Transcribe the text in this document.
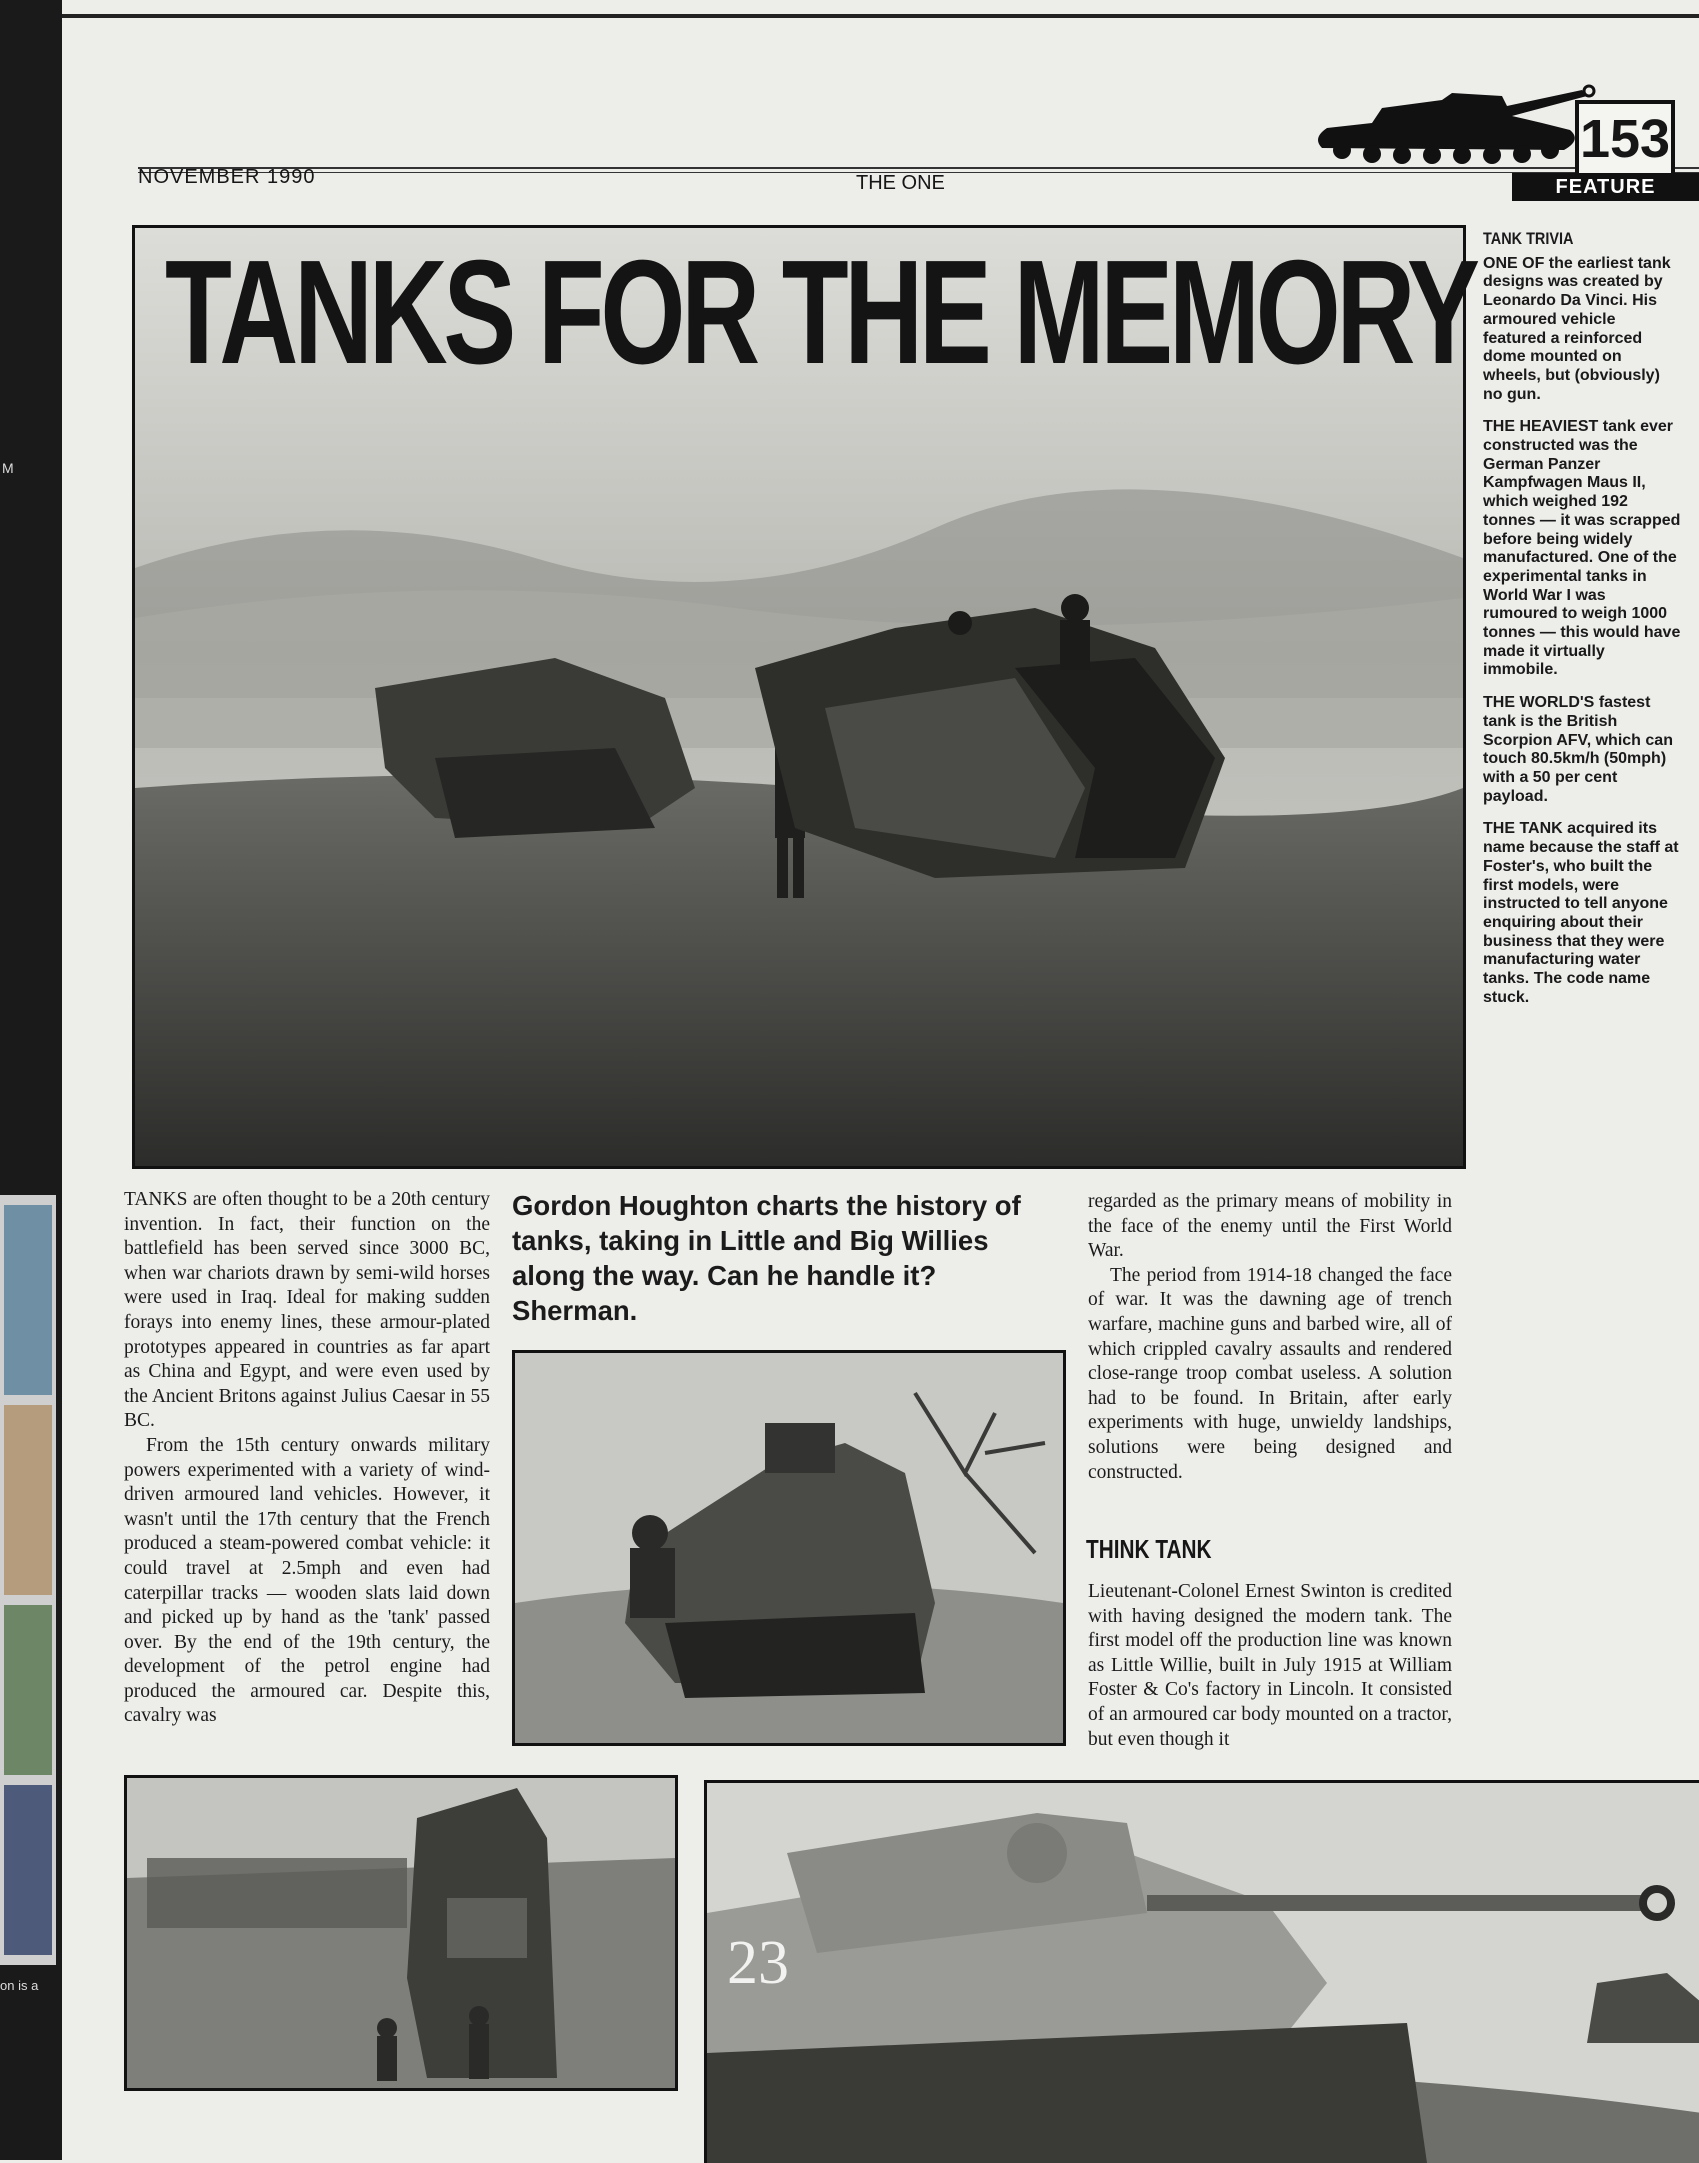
M
on is a
NOVEMBER 1990	THE ONE
153
FEATURE
TANKS FOR THE MEMORY TANK TRIVIA

ONE OF the earliest tank designs was created by Leonardo Da Vinci. His armoured vehicle featured a reinforced dome mounted on wheels, but (obviously) no gun.

THE HEAVIEST tank ever constructed was the German Panzer Kampfwagen Maus II, which weighed 192 tonnes — it was scrapped before being widely manufactured. One of the experimental tanks in World War I was rumoured to weigh 1000 tonnes — this would have made it virtually immobile.

THE WORLD'S fastest tank is the British Scorpion AFV, which can touch 80.5km/h (50mph) with a 50 per cent payload.

THE TANK acquired its name because the staff at Foster's, who built the first models, were instructed to tell anyone enquiring about their business that they were manufacturing water tanks. The code name stuck.

TANKS are often thought to be a 20th century invention. In fact, their function on the battlefield has been served since 3000 BC, when war chariots drawn by semi-wild horses were used in Iraq. Ideal for making sudden forays into enemy lines, these armour-plated prototypes appeared in countries as far apart as China and Egypt, and were even used by the Ancient Britons against Julius Caesar in 55 BC.

From the 15th century onwards military powers experimented with a variety of wind-driven armoured land vehicles. However, it wasn't until the 17th century that the French produced a steam-powered combat vehicle: it could travel at 2.5mph and even had caterpillar tracks — wooden slats laid down and picked up by hand as the 'tank' passed over. By the end of the 19th century, the development of the petrol engine had produced the armoured car. Despite this, cavalry was

Gordon Houghton charts the history of tanks, taking in Little and Big Willies along the way. Can he handle it? Sherman.

regarded as the primary means of mobility in the face of the enemy until the First World War.

The period from 1914-18 changed the face of war. It was the dawning age of trench warfare, machine guns and barbed wire, all of which crippled cavalry assaults and rendered close-range troop combat useless. A solution had to be found. In Britain, after early experiments with huge, unwieldy landships, solutions were being designed and constructed.

THINK TANK

Lieutenant-Colonel Ernest Swinton is credited with having designed the modern tank. The first model off the production line was known as Little Willie, built in July 1915 at William Foster & Co's factory in Lincoln. It consisted of an armoured car body mounted on a tractor, but even though it

23
